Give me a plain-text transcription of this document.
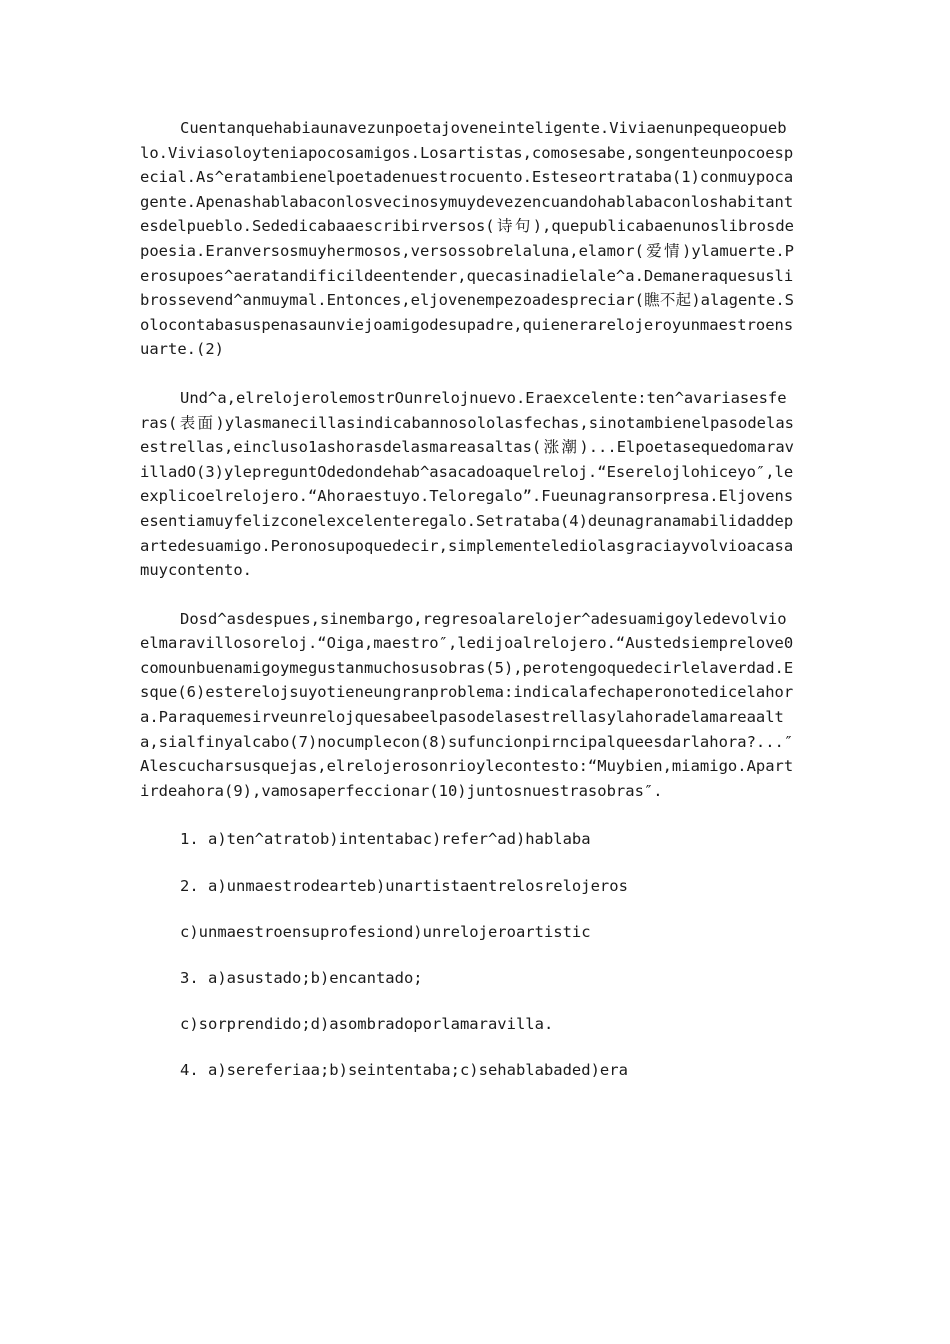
Cuentanquehabiaunavezunpoetajoveneinteligente.Viviaenunpequeopueblo.Viviasoloyteniapocosamigos.Losartistas,comosesabe,songenteunpocoespecial.As^eratambienelpoetadenuestrocuento.Esteseortrataba(1)conmuypocagente.Apenashablabaconlosvecinosymuydevezencuandohablabaconloshabitantesdelpueblo.Sededicabaaescribirversos(诗句),quepublicabaenunoslibrosdepoesia.Eranversosmuyhermosos,versossobrelaluna,elamor(爱情)ylamuerte.Perosupoes^aeratandificildeentender,quecasinadielale^a.Demaneraquesuslibrossevend^anmuymal.Entonces,eljovenempezoadespreciar(瞧不起)alagente.Solocontabasuspenasaunviejoamigodesupadre,quienerarelojeroyunmaestroensuarte.(2)

Und^a,elrelojerolemostrOunrelojnuevo.Eraexcelente:ten^avariasesferas(表面)ylasmanecillasindicabannosololasfechas,sinotambienelpasodelasestrellas,eincluso1ashorasdelasmareasaltas(涨潮)...ElpoetasequedomaravilladO(3)ylepreguntOdedondehab^asacadoaquelreloj.“Eserelojlohiceyo″,leexplicoelrelojero.“Ahoraestuyo.Teloregalo”.Fueunagransorpresa.Eljovensesentiamuyfelizconelexcelenteregalo.Setrataba(4)deunagranamabilidaddepartedesuamigo.Peronosupoquedecir,simplementelediolasgraciayvolvioacasamuycontento.

Dosd^asdespues,sinembargo,regresoalarelojer^adesuamigoyledevolvioelmaravillosoreloj.“Oiga,maestro″,ledijoalrelojero.“Austedsiemprelove0comounbuenamigoymegustanmuchosusobras(5),perotengoquedecirlelaverdad.Esque(6)esterelojsuyotieneungranproblema:indicalafechaperonotedicelahora.Paraquemesirveunrelojquesabeelpasodelasestrellasylahoradelamareaalta,sialfinyalcabo(7)nocumplecon(8)sufuncionpirncipalqueesdarlahora?...″Alescucharsusquejas,elrelojerosonrioylecontesto:“Muybien,miamigo.Apartirdeahora(9),vamosaperfeccionar(10)juntosnuestrasobras″.

1. a)ten^atratob)intentabac)refer^ad)hablaba

2. a)unmaestrodearteb)unartistaentrelosrelojeros

c)unmaestroensuprofesiond)unrelojeroartistic

3. a)asustado;b)encantado;

c)sorprendido;d)asombradoporlamaravilla.

4. a)sereferiaa;b)seintentaba;c)sehablabaded)era
